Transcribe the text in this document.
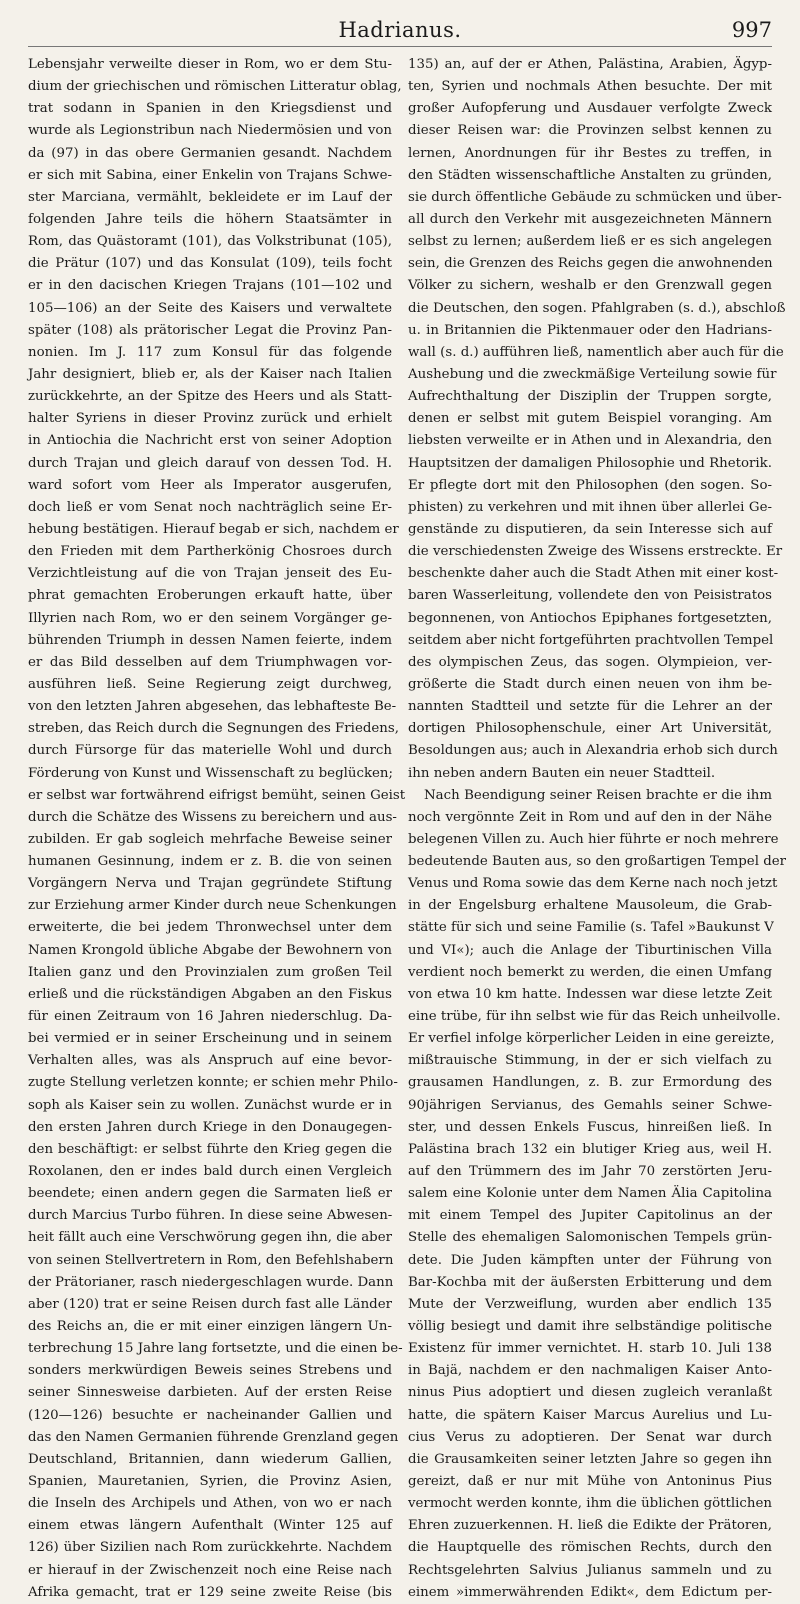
Hadrianus.	997
Lebensjahr verweilte dieser in Rom, wo er dem Stu-
dium der griechischen und römischen Litteratur oblag,
trat sodann in Spanien in den Kriegsdienst und
wurde als Legionstribun nach Niedermösien und von
da (97) in das obere Germanien gesandt. Nachdem
er sich mit Sabina, einer Enkelin von Trajans Schwe-
ster Marciana, vermählt, bekleidete er im Lauf der
folgenden Jahre teils die höhern Staatsämter in
Rom, das Quästoramt (101), das Volkstribunat (105),
die Prätur (107) und das Konsulat (109), teils focht
er in den dacischen Kriegen Trajans (101—102 und
105—106) an der Seite des Kaisers und verwaltete
später (108) als prätorischer Legat die Provinz Pan-
nonien. Im J. 117 zum Konsul für das folgende
Jahr designiert, blieb er, als der Kaiser nach Italien
zurückkehrte, an der Spitze des Heers und als Statt-
halter Syriens in dieser Provinz zurück und erhielt
in Antiochia die Nachricht erst von seiner Adoption
durch Trajan und gleich darauf von dessen Tod. H.
ward sofort vom Heer als Imperator ausgerufen,
doch ließ er vom Senat noch nachträglich seine Er-
hebung bestätigen. Hierauf begab er sich, nachdem er
den Frieden mit dem Partherkönig Chosroes durch
Verzichtleistung auf die von Trajan jenseit des Eu-
phrat gemachten Eroberungen erkauft hatte, über
Illyrien nach Rom, wo er den seinem Vorgänger ge-
bührenden Triumph in dessen Namen feierte, indem
er das Bild desselben auf dem Triumphwagen vor-
ausführen ließ. Seine Regierung zeigt durchweg,
von den letzten Jahren abgesehen, das lebhafteste Be-
streben, das Reich durch die Segnungen des Friedens,
durch Fürsorge für das materielle Wohl und durch
Förderung von Kunst und Wissenschaft zu beglücken;
er selbst war fortwährend eifrigst bemüht, seinen Geist
durch die Schätze des Wissens zu bereichern und aus-
zubilden. Er gab sogleich mehrfache Beweise seiner
humanen Gesinnung, indem er z. B. die von seinen
Vorgängern Nerva und Trajan gegründete Stiftung
zur Erziehung armer Kinder durch neue Schenkungen
erweiterte, die bei jedem Thronwechsel unter dem
Namen Krongold übliche Abgabe der Bewohnern von
Italien ganz und den Provinzialen zum großen Teil
erließ und die rückständigen Abgaben an den Fiskus
für einen Zeitraum von 16 Jahren niederschlug. Da-
bei vermied er in seiner Erscheinung und in seinem
Verhalten alles, was als Anspruch auf eine bevor-
zugte Stellung verletzen konnte; er schien mehr Philo-
soph als Kaiser sein zu wollen. Zunächst wurde er in
den ersten Jahren durch Kriege in den Donaugegen-
den beschäftigt: er selbst führte den Krieg gegen die
Roxolanen, den er indes bald durch einen Vergleich
beendete; einen andern gegen die Sarmaten ließ er
durch Marcius Turbo führen. In diese seine Abwesen-
heit fällt auch eine Verschwörung gegen ihn, die aber
von seinen Stellvertretern in Rom, den Befehlshabern
der Prätorianer, rasch niedergeschlagen wurde. Dann
aber (120) trat er seine Reisen durch fast alle Länder
des Reichs an, die er mit einer einzigen längern Un-
terbrechung 15 Jahre lang fortsetzte, und die einen be-
sonders merkwürdigen Beweis seines Strebens und
seiner Sinnesweise darbieten. Auf der ersten Reise
(120—126) besuchte er nacheinander Gallien und
das den Namen Germanien führende Grenzland gegen
Deutschland, Britannien, dann wiederum Gallien,
Spanien, Mauretanien, Syrien, die Provinz Asien,
die Inseln des Archipels und Athen, von wo er nach
einem etwas längern Aufenthalt (Winter 125 auf
126) über Sizilien nach Rom zurückkehrte. Nachdem
er hierauf in der Zwischenzeit noch eine Reise nach
Afrika gemacht, trat er 129 seine zweite Reise (bis
135) an, auf der er Athen, Palästina, Arabien, Ägyp-
ten, Syrien und nochmals Athen besuchte. Der mit
großer Aufopferung und Ausdauer verfolgte Zweck
dieser Reisen war: die Provinzen selbst kennen zu
lernen, Anordnungen für ihr Bestes zu treffen, in
den Städten wissenschaftliche Anstalten zu gründen,
sie durch öffentliche Gebäude zu schmücken und über-
all durch den Verkehr mit ausgezeichneten Männern
selbst zu lernen; außerdem ließ er es sich angelegen
sein, die Grenzen des Reichs gegen die anwohnenden
Völker zu sichern, weshalb er den Grenzwall gegen
die Deutschen, den sogen. Pfahlgraben (s. d.), abschloß
u. in Britannien die Piktenmauer oder den Hadrians-
wall (s. d.) aufführen ließ, namentlich aber auch für die
Aushebung und die zweckmäßige Verteilung sowie für
Aufrechthaltung der Disziplin der Truppen sorgte,
denen er selbst mit gutem Beispiel voranging. Am
liebsten verweilte er in Athen und in Alexandria, den
Hauptsitzen der damaligen Philosophie und Rhetorik.
Er pflegte dort mit den Philosophen (den sogen. So-
phisten) zu verkehren und mit ihnen über allerlei Ge-
genstände zu disputieren, da sein Interesse sich auf
die verschiedensten Zweige des Wissens erstreckte. Er
beschenkte daher auch die Stadt Athen mit einer kost-
baren Wasserleitung, vollendete den von Peisistratos
begonnenen, von Antiochos Epiphanes fortgesetzten,
seitdem aber nicht fortgeführten prachtvollen Tempel
des olympischen Zeus, das sogen. Olympieion, ver-
größerte die Stadt durch einen neuen von ihm be-
nannten Stadtteil und setzte für die Lehrer an der
dortigen Philosophenschule, einer Art Universität,
Besoldungen aus; auch in Alexandria erhob sich durch
ihn neben andern Bauten ein neuer Stadtteil.
Nach Beendigung seiner Reisen brachte er die ihm
noch vergönnte Zeit in Rom und auf den in der Nähe
belegenen Villen zu. Auch hier führte er noch mehrere
bedeutende Bauten aus, so den großartigen Tempel der
Venus und Roma sowie das dem Kerne nach noch jetzt
in der Engelsburg erhaltene Mausoleum, die Grab-
stätte für sich und seine Familie (s. Tafel »Baukunst V
und VI«); auch die Anlage der Tiburtinischen Villa
verdient noch bemerkt zu werden, die einen Umfang
von etwa 10 km hatte. Indessen war diese letzte Zeit
eine trübe, für ihn selbst wie für das Reich unheilvolle.
Er verfiel infolge körperlicher Leiden in eine gereizte,
mißtrauische Stimmung, in der er sich vielfach zu
grausamen Handlungen, z. B. zur Ermordung des
90jährigen Servianus, des Gemahls seiner Schwe-
ster, und dessen Enkels Fuscus, hinreißen ließ. In
Palästina brach 132 ein blutiger Krieg aus, weil H.
auf den Trümmern des im Jahr 70 zerstörten Jeru-
salem eine Kolonie unter dem Namen Älia Capitolina
mit einem Tempel des Jupiter Capitolinus an der
Stelle des ehemaligen Salomonischen Tempels grün-
dete. Die Juden kämpften unter der Führung von
Bar-Kochba mit der äußersten Erbitterung und dem
Mute der Verzweiflung, wurden aber endlich 135
völlig besiegt und damit ihre selbständige politische
Existenz für immer vernichtet. H. starb 10. Juli 138
in Bajä, nachdem er den nachmaligen Kaiser Anto-
ninus Pius adoptiert und diesen zugleich veranlaßt
hatte, die spätern Kaiser Marcus Aurelius und Lu-
cius Verus zu adoptieren. Der Senat war durch
die Grausamkeiten seiner letzten Jahre so gegen ihn
gereizt, daß er nur mit Mühe von Antoninus Pius
vermocht werden konnte, ihm die üblichen göttlichen
Ehren zuzuerkennen. H. ließ die Edikte der Prätoren,
die Hauptquelle des römischen Rechts, durch den
Rechtsgelehrten Salvius Julianus sammeln und zu
einem »immerwährenden Edikt«, dem Edictum per-
